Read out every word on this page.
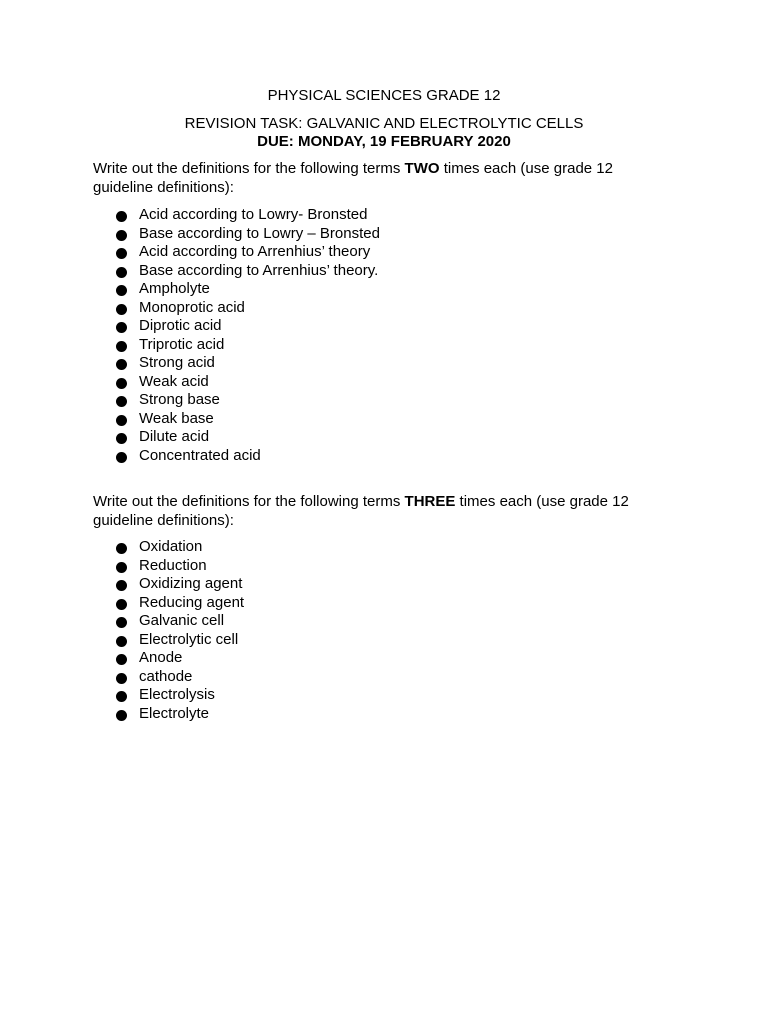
PHYSICAL SCIENCES GRADE 12
REVISION TASK: GALVANIC AND ELECTROLYTIC CELLS
DUE: MONDAY, 19 FEBRUARY 2020
Write out the definitions for the following terms TWO times each (use grade 12 guideline definitions):
Acid according to Lowry- Bronsted
Base according to Lowry – Bronsted
Acid according to Arrenhius’ theory
Base according to Arrenhius’ theory.
Ampholyte
Monoprotic acid
Diprotic acid
Triprotic acid
Strong acid
Weak acid
Strong base
Weak base
Dilute acid
Concentrated acid
Write out the definitions for the following terms THREE times each (use grade 12 guideline definitions):
Oxidation
Reduction
Oxidizing agent
Reducing agent
Galvanic cell
Electrolytic cell
Anode
cathode
Electrolysis
Electrolyte
